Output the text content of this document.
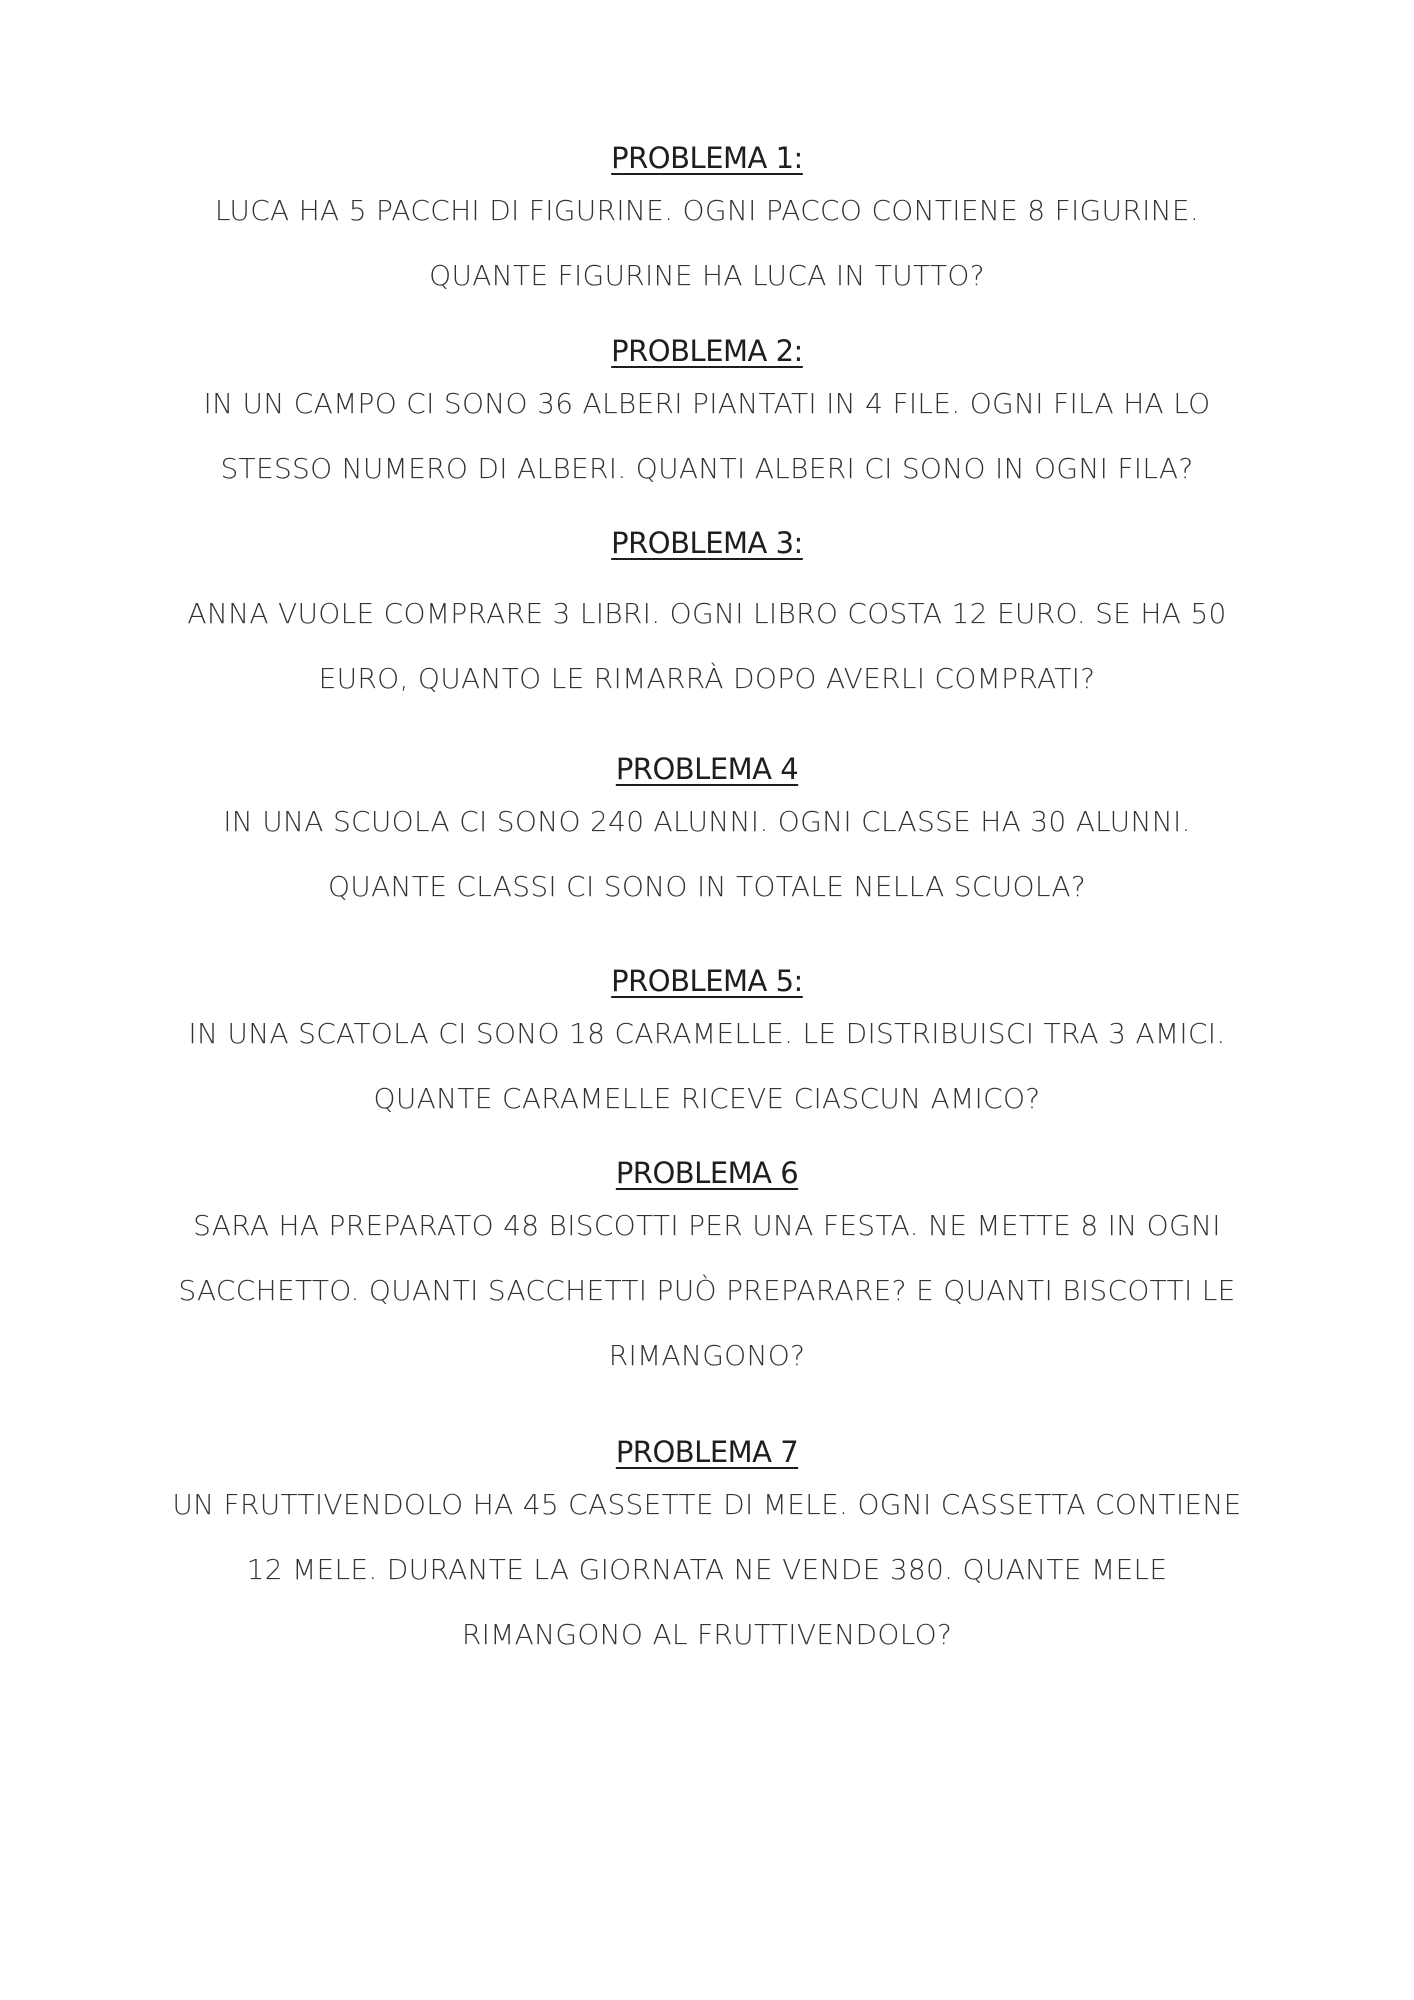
PROBLEMA 1:
LUCA HA 5 PACCHI DI FIGURINE. OGNI PACCO CONTIENE 8 FIGURINE.
QUANTE FIGURINE HA LUCA IN TUTTO?
PROBLEMA 2:
IN UN CAMPO CI SONO 36 ALBERI PIANTATI IN 4 FILE. OGNI FILA HA LO
STESSO NUMERO DI ALBERI. QUANTI ALBERI CI SONO IN OGNI FILA?
PROBLEMA 3:
ANNA VUOLE COMPRARE 3 LIBRI. OGNI LIBRO COSTA 12 EURO. SE HA 50
EURO, QUANTO LE RIMARRÀ DOPO AVERLI COMPRATI?
PROBLEMA 4
IN UNA SCUOLA CI SONO 240 ALUNNI. OGNI CLASSE HA 30 ALUNNI.
QUANTE CLASSI CI SONO IN TOTALE NELLA SCUOLA?
PROBLEMA 5:
IN UNA SCATOLA CI SONO 18 CARAMELLE. LE DISTRIBUISCI TRA 3 AMICI.
QUANTE CARAMELLE RICEVE CIASCUN AMICO?
PROBLEMA 6
SARA HA PREPARATO 48 BISCOTTI PER UNA FESTA. NE METTE 8 IN OGNI
SACCHETTO. QUANTI SACCHETTI PUÒ PREPARARE? E QUANTI BISCOTTI LE
RIMANGONO?
PROBLEMA 7
UN FRUTTIVENDOLO HA 45 CASSETTE DI MELE. OGNI CASSETTA CONTIENE
12 MELE. DURANTE LA GIORNATA NE VENDE 380. QUANTE MELE
RIMANGONO AL FRUTTIVENDOLO?
